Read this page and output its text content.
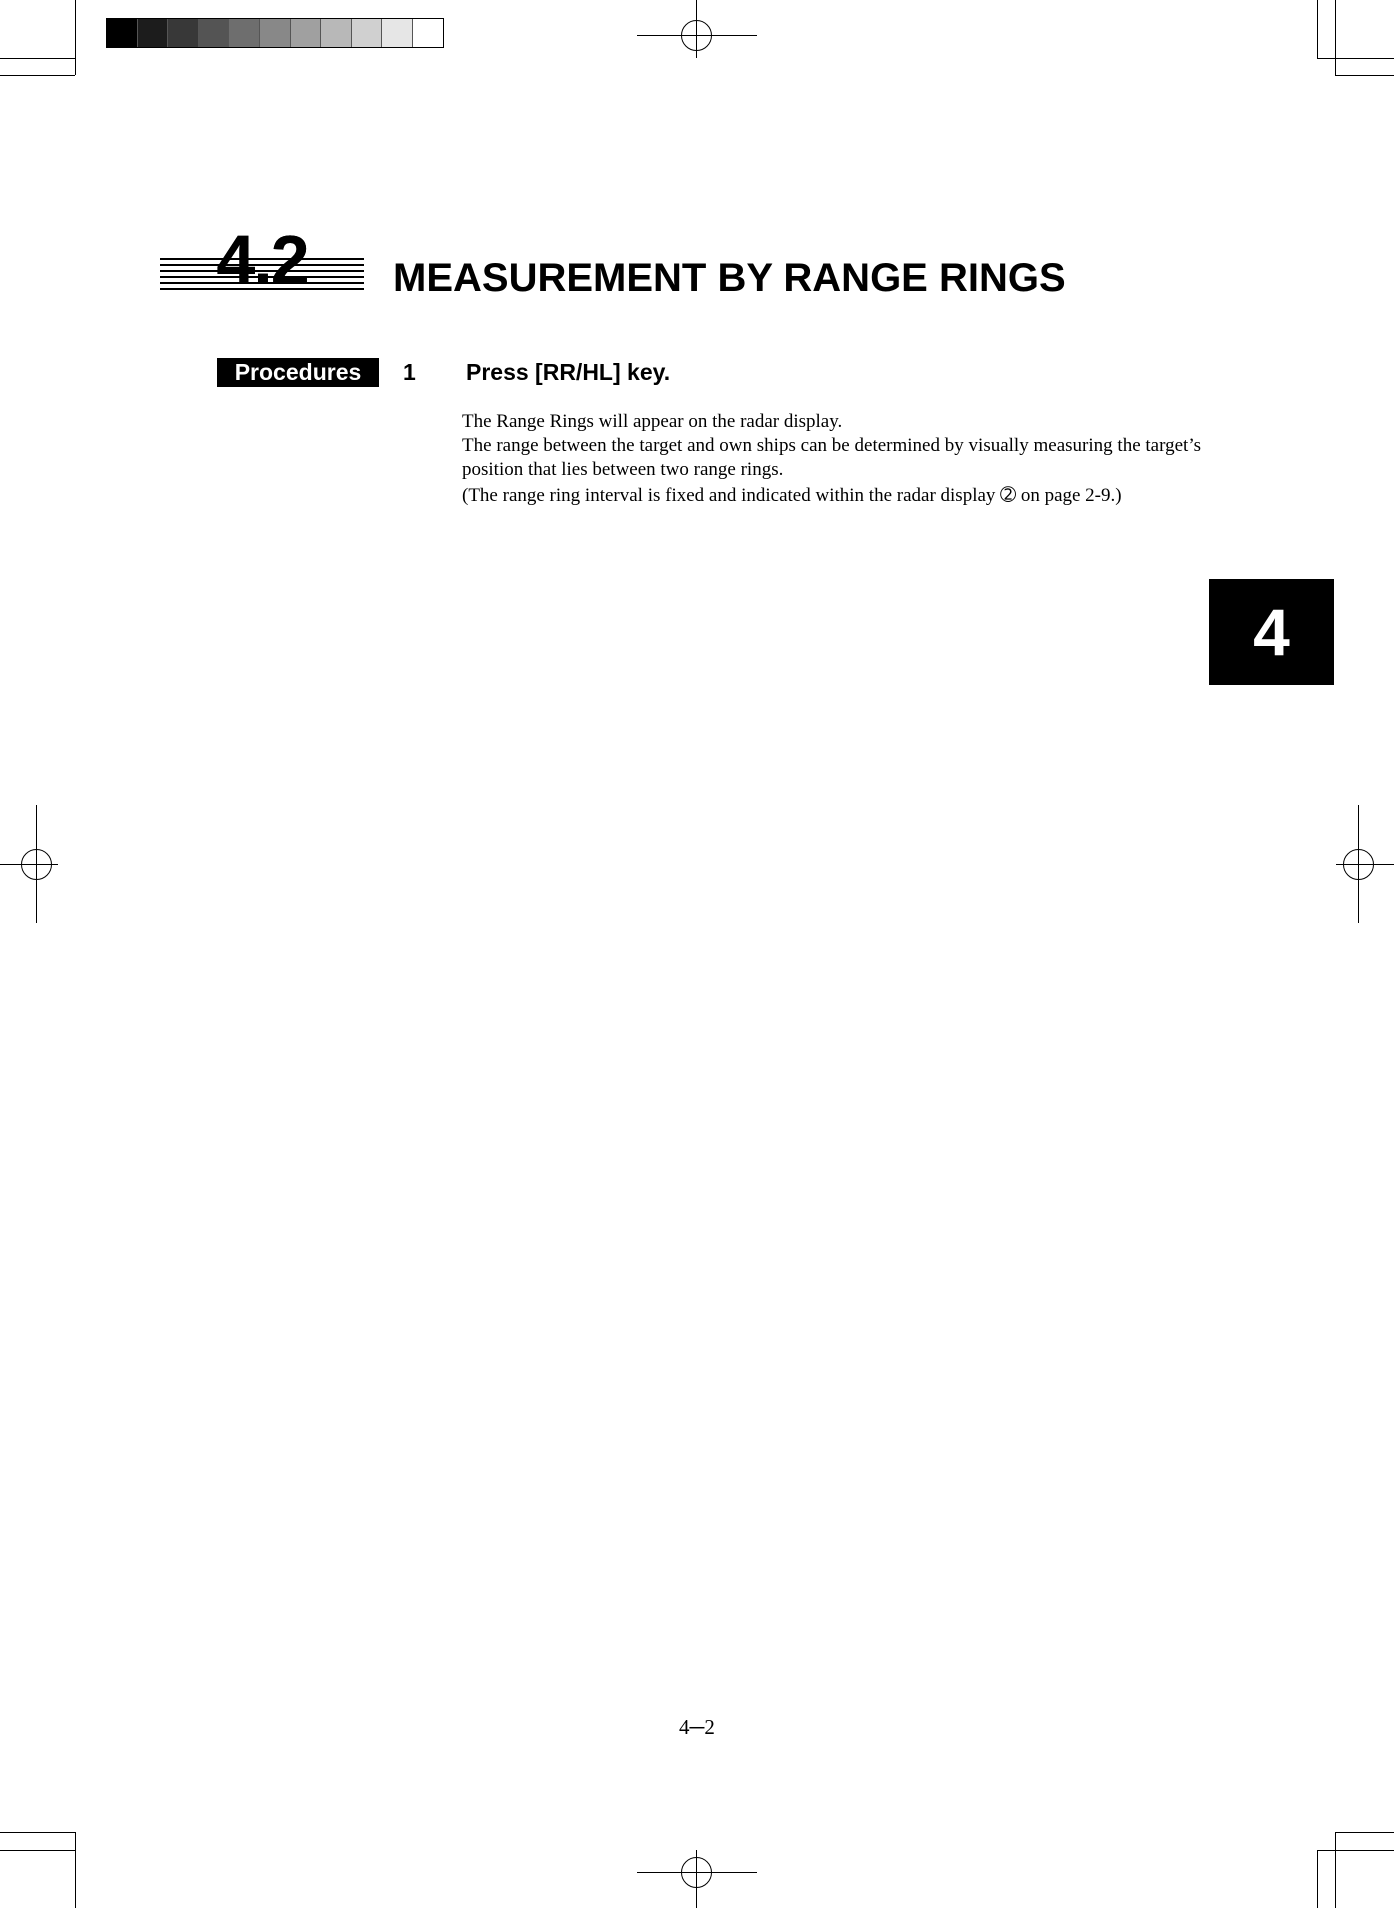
4.2	MEASUREMENT BY RANGE RINGS
Procedures	1 Press [RR/HL] key.

The Range Rings will appear on the radar display.

The range between the target and own ships can be determined by visually measuring the target’s position that lies between two range rings.

(The range ring interval is fixed and indicated within the radar display ➁ on page 2-9.)

4
4─2
